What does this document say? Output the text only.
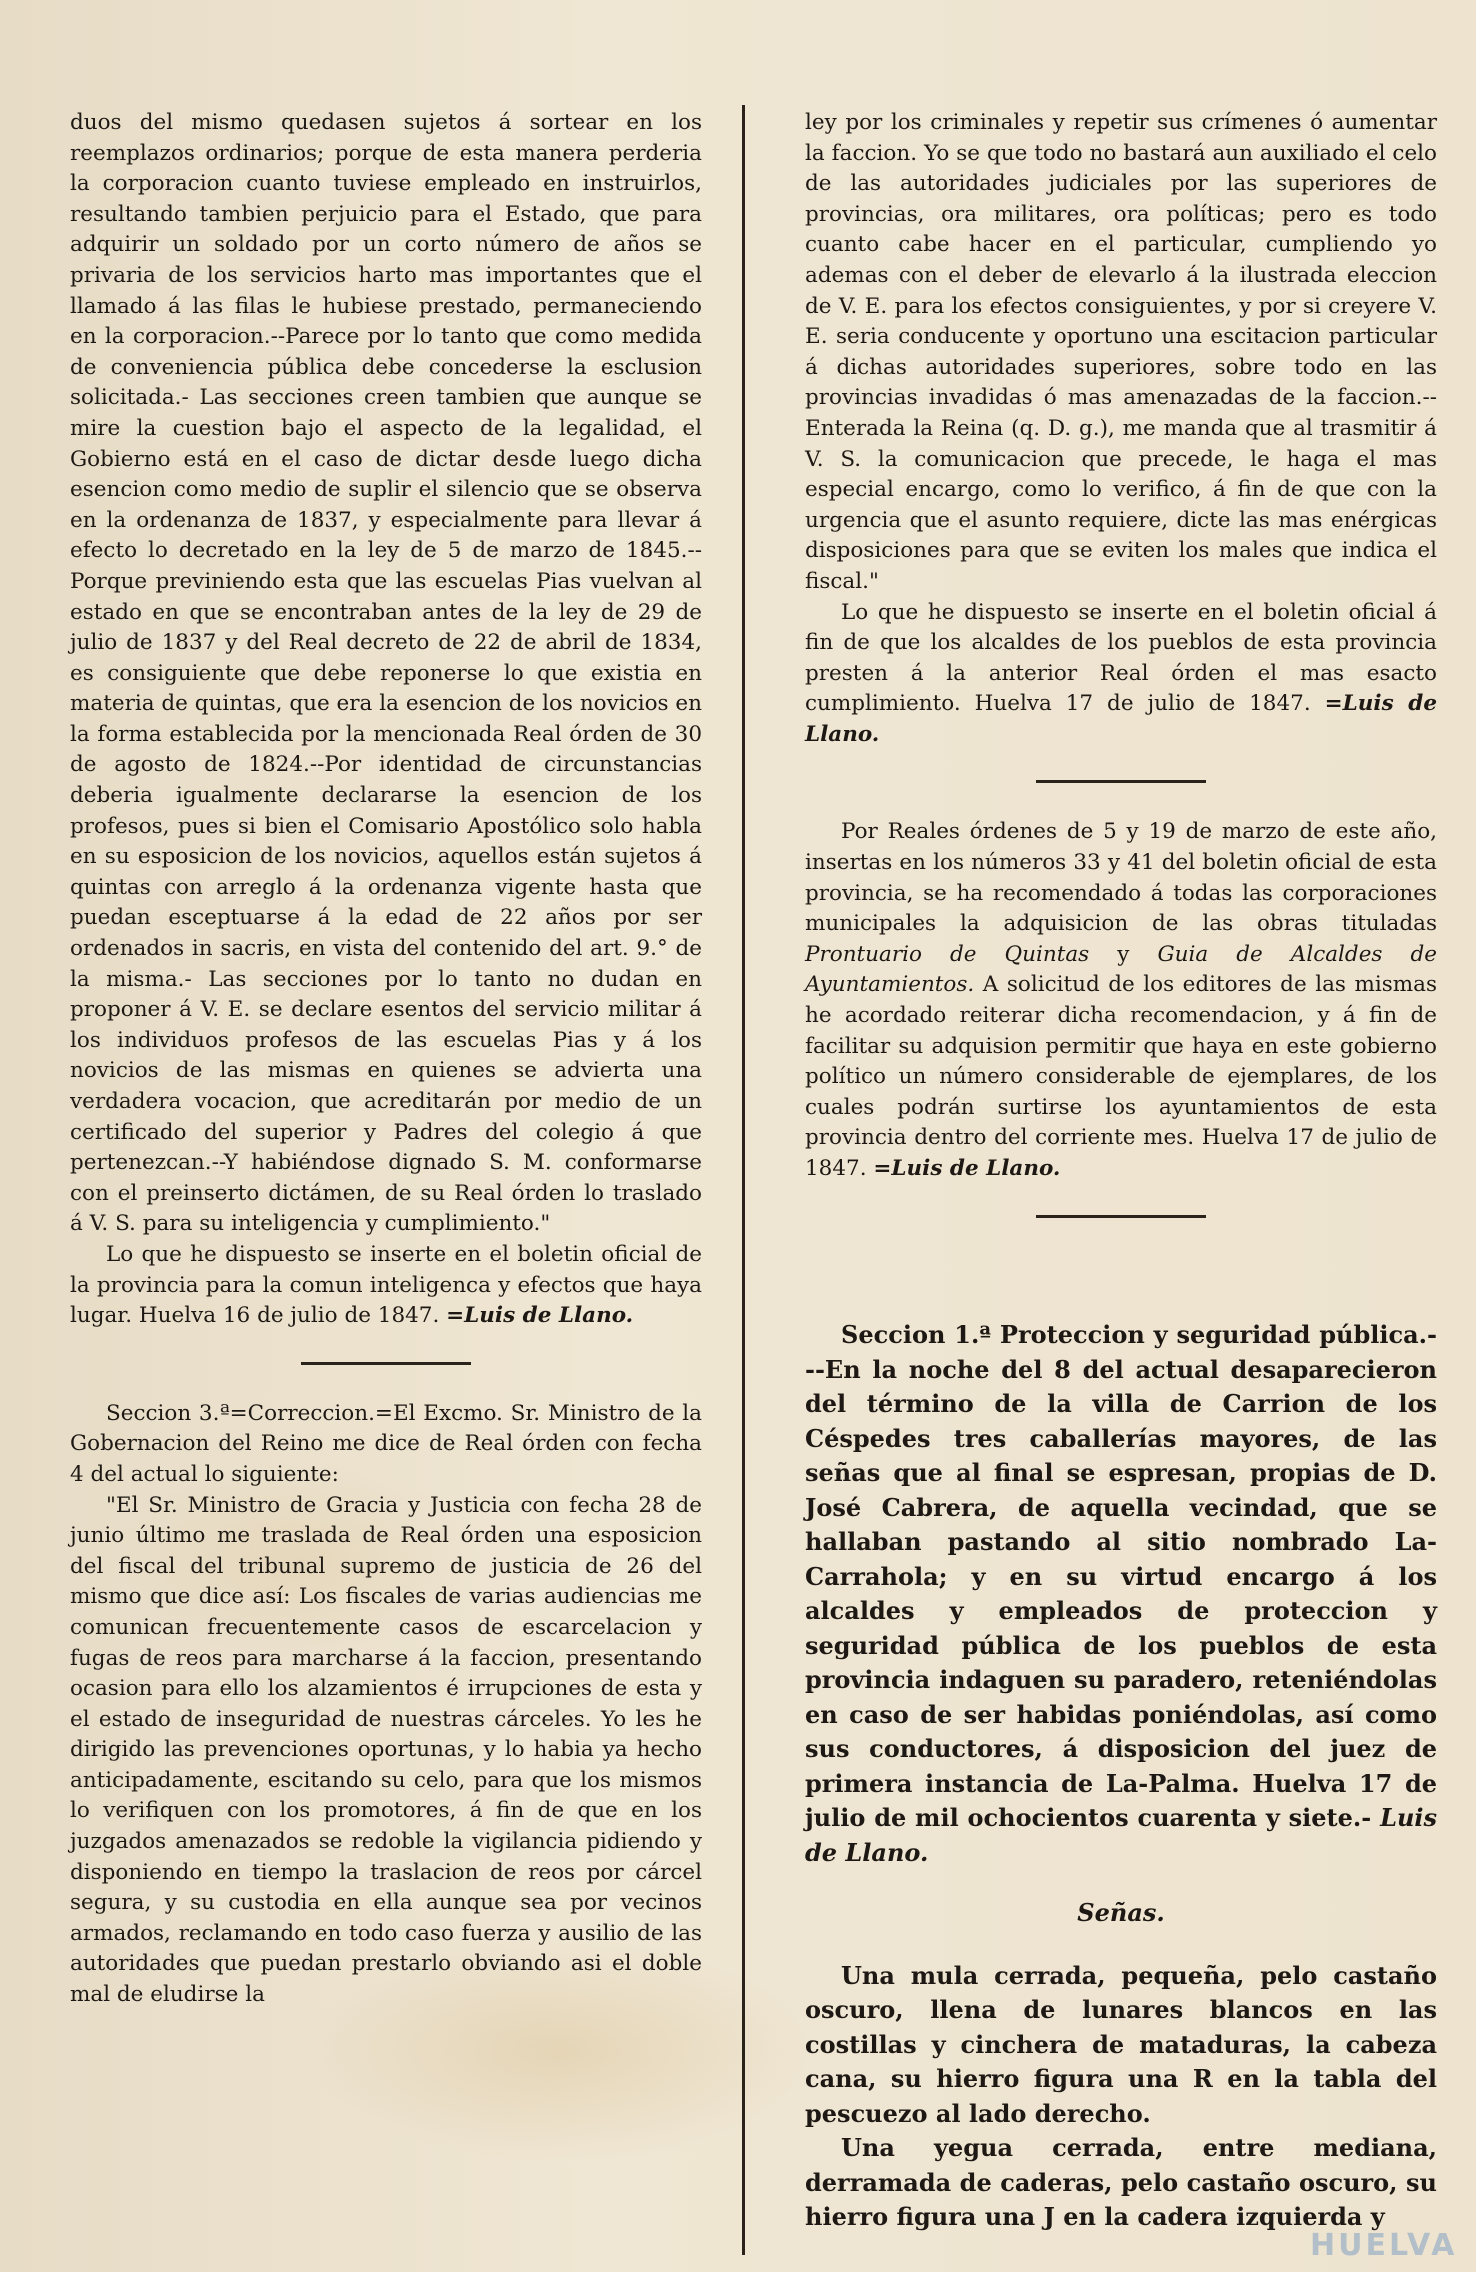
duos del mismo quedasen sujetos á sortear en los reemplazos ordinarios; porque de esta manera perderia la corporacion cuanto tuviese empleado en instruirlos, resultando tambien perjuicio para el Estado, que para adquirir un soldado por un corto número de años se privaria de los servicios harto mas importantes que el llamado á las filas le hubiese prestado, permaneciendo en la corporacion.--Parece por lo tanto que como medida de conveniencia pública debe concederse la esclusion solicitada.- Las secciones creen tambien que aunque se mire la cuestion bajo el aspecto de la legalidad, el Gobierno está en el caso de dictar desde luego dicha esencion como medio de suplir el silencio que se observa en la ordenanza de 1837, y especialmente para llevar á efecto lo decretado en la ley de 5 de marzo de 1845.--Porque previniendo esta que las escuelas Pias vuelvan al estado en que se encontraban antes de la ley de 29 de julio de 1837 y del Real decreto de 22 de abril de 1834, es consiguiente que debe reponerse lo que existia en materia de quintas, que era la esencion de los novicios en la forma establecida por la mencionada Real órden de 30 de agosto de 1824.--Por identidad de circunstancias deberia igualmente declararse la esencion de los profesos, pues si bien el Comisario Apostólico solo habla en su esposicion de los novicios, aquellos están sujetos á quintas con arreglo á la ordenanza vigente hasta que puedan esceptuarse á la edad de 22 años por ser ordenados in sacris, en vista del contenido del art. 9.° de la misma.- Las secciones por lo tanto no dudan en proponer á V. E. se declare esentos del servicio militar á los individuos profesos de las escuelas Pias y á los novicios de las mismas en quienes se advierta una verdadera vocacion, que acreditarán por medio de un certificado del superior y Padres del colegio á que pertenezcan.--Y habiéndose dignado S. M. conformarse con el preinserto dictámen, de su Real órden lo traslado á V. S. para su inteligencia y cumplimiento."

Lo que he dispuesto se inserte en el boletin oficial de la provincia para la comun inteligenca y efectos que haya lugar. Huelva 16 de julio de 1847. =Luis de Llano.

Seccion 3.ª=Correccion.=El Excmo. Sr. Ministro de la Gobernacion del Reino me dice de Real órden con fecha 4 del actual lo siguiente:

"El Sr. Ministro de Gracia y Justicia con fecha 28 de junio último me traslada de Real órden una esposicion del fiscal del tribunal supremo de justicia de 26 del mismo que dice así: Los fiscales de varias audiencias me comunican frecuentemente casos de escarcelacion y fugas de reos para marcharse á la faccion, presentando ocasion para ello los alzamientos é irrupciones de esta y el estado de inseguridad de nuestras cárceles. Yo les he dirigido las prevenciones oportunas, y lo habia ya hecho anticipadamente, escitando su celo, para que los mismos lo verifiquen con los promotores, á fin de que en los juzgados amenazados se redoble la vigilancia pidiendo y disponiendo en tiempo la traslacion de reos por cárcel segura, y su custodia en ella aunque sea por vecinos armados, reclamando en todo caso fuerza y ausilio de las autoridades que puedan prestarlo obviando asi el doble mal de eludirse la

ley por los criminales y repetir sus crímenes ó aumentar la faccion. Yo se que todo no bastará aun auxiliado el celo de las autoridades judiciales por las superiores de provincias, ora militares, ora políticas; pero es todo cuanto cabe hacer en el particular, cumpliendo yo ademas con el deber de elevarlo á la ilustrada eleccion de V. E. para los efectos consiguientes, y por si creyere V. E. seria conducente y oportuno una escitacion particular á dichas autoridades superiores, sobre todo en las provincias invadidas ó mas amenazadas de la faccion.-- Enterada la Reina (q. D. g.), me manda que al trasmitir á V. S. la comunicacion que precede, le haga el mas especial encargo, como lo verifico, á fin de que con la urgencia que el asunto requiere, dicte las mas enérgicas disposiciones para que se eviten los males que indica el fiscal."

Lo que he dispuesto se inserte en el boletin oficial á fin de que los alcaldes de los pueblos de esta provincia presten á la anterior Real órden el mas esacto cumplimiento. Huelva 17 de julio de 1847. =Luis de Llano.

Por Reales órdenes de 5 y 19 de marzo de este año, insertas en los números 33 y 41 del boletin oficial de esta provincia, se ha recomendado á todas las corporaciones municipales la adquisicion de las obras tituladas Prontuario de Quintas y Guia de Alcaldes de Ayuntamientos. A solicitud de los editores de las mismas he acordado reiterar dicha recomendacion, y á fin de facilitar su adquision permitir que haya en este gobierno político un número considerable de ejemplares, de los cuales podrán surtirse los ayuntamientos de esta provincia dentro del corriente mes. Huelva 17 de julio de 1847. =Luis de Llano.

Seccion 1.ª Proteccion y seguridad pública.---En la noche del 8 del actual desaparecieron del término de la villa de Carrion de los Céspedes tres caballerías mayores, de las señas que al final se espresan, propias de D. José Cabrera, de aquella vecindad, que se hallaban pastando al sitio nombrado La-Carrahola; y en su virtud encargo á los alcaldes y empleados de proteccion y seguridad pública de los pueblos de esta provincia indaguen su paradero, reteniéndolas en caso de ser habidas poniéndolas, así como sus conductores, á disposicion del juez de primera instancia de La-Palma. Huelva 17 de julio de mil ochocientos cuarenta y siete.- Luis de Llano.

Señas.

Una mula cerrada, pequeña, pelo castaño oscuro, llena de lunares blancos en las costillas y cinchera de mataduras, la cabeza cana, su hierro figura una R en la tabla del pescuezo al lado derecho.

Una yegua cerrada, entre mediana, derramada de caderas, pelo castaño oscuro, su hierro figura una J en la cadera izquierda y

HUELVA
